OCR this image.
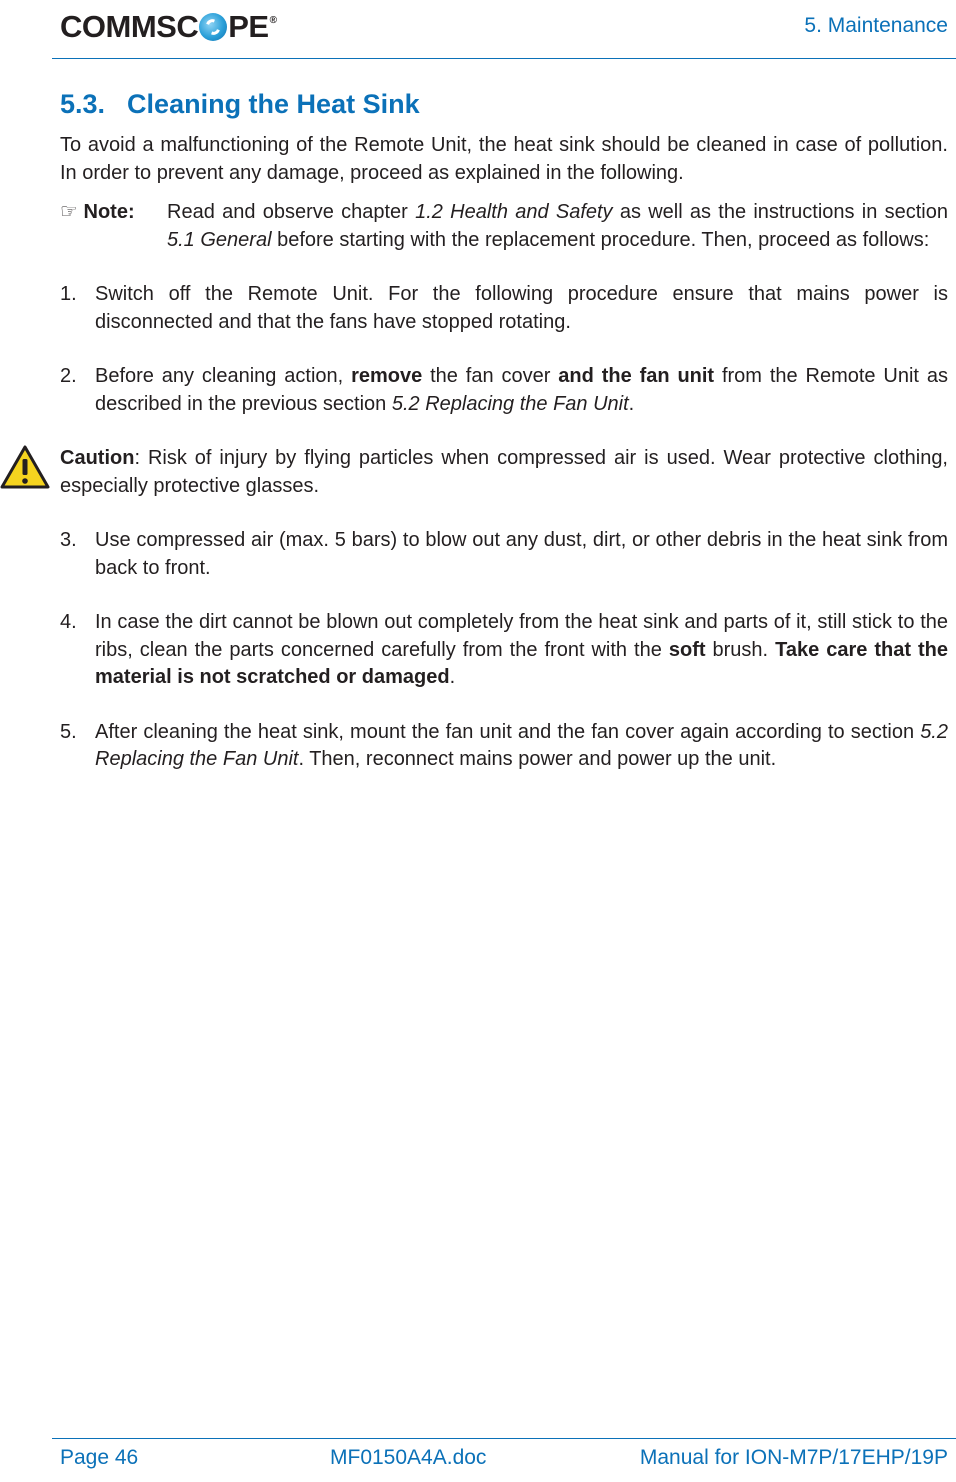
COMMSC PE®	5. Maintenance
5.3. Cleaning the Heat Sink

To avoid a malfunctioning of the Remote Unit, the heat sink should be cleaned in case of pollution. In order to prevent any damage, proceed as explained in the following.

☞ Note: Read and observe chapter 1.2 Health and Safety as well as the instructions in section 5.1 General before starting with the replacement procedure. Then, proceed as follows:

1. Switch off the Remote Unit. For the following procedure ensure that mains power is disconnected and that the fans have stopped rotating.

2. Before any cleaning action, remove the fan cover and the fan unit from the Remote Unit as described in the previous section 5.2 Replacing the Fan Unit.

Caution: Risk of injury by flying particles when compressed air is used. Wear protective clothing, especially protective glasses.

3. Use compressed air (max. 5 bars) to blow out any dust, dirt, or other debris in the heat sink from back to front.

4. In case the dirt cannot be blown out completely from the heat sink and parts of it, still stick to the ribs, clean the parts concerned carefully from the front with the soft brush. Take care that the material is not scratched or damaged.

5. After cleaning the heat sink, mount the fan unit and the fan cover again according to section 5.2 Replacing the Fan Unit. Then, reconnect mains power and power up the unit.

Page 46	MF0150A4A.doc	Manual for ION-M7P/17EHP/19P
